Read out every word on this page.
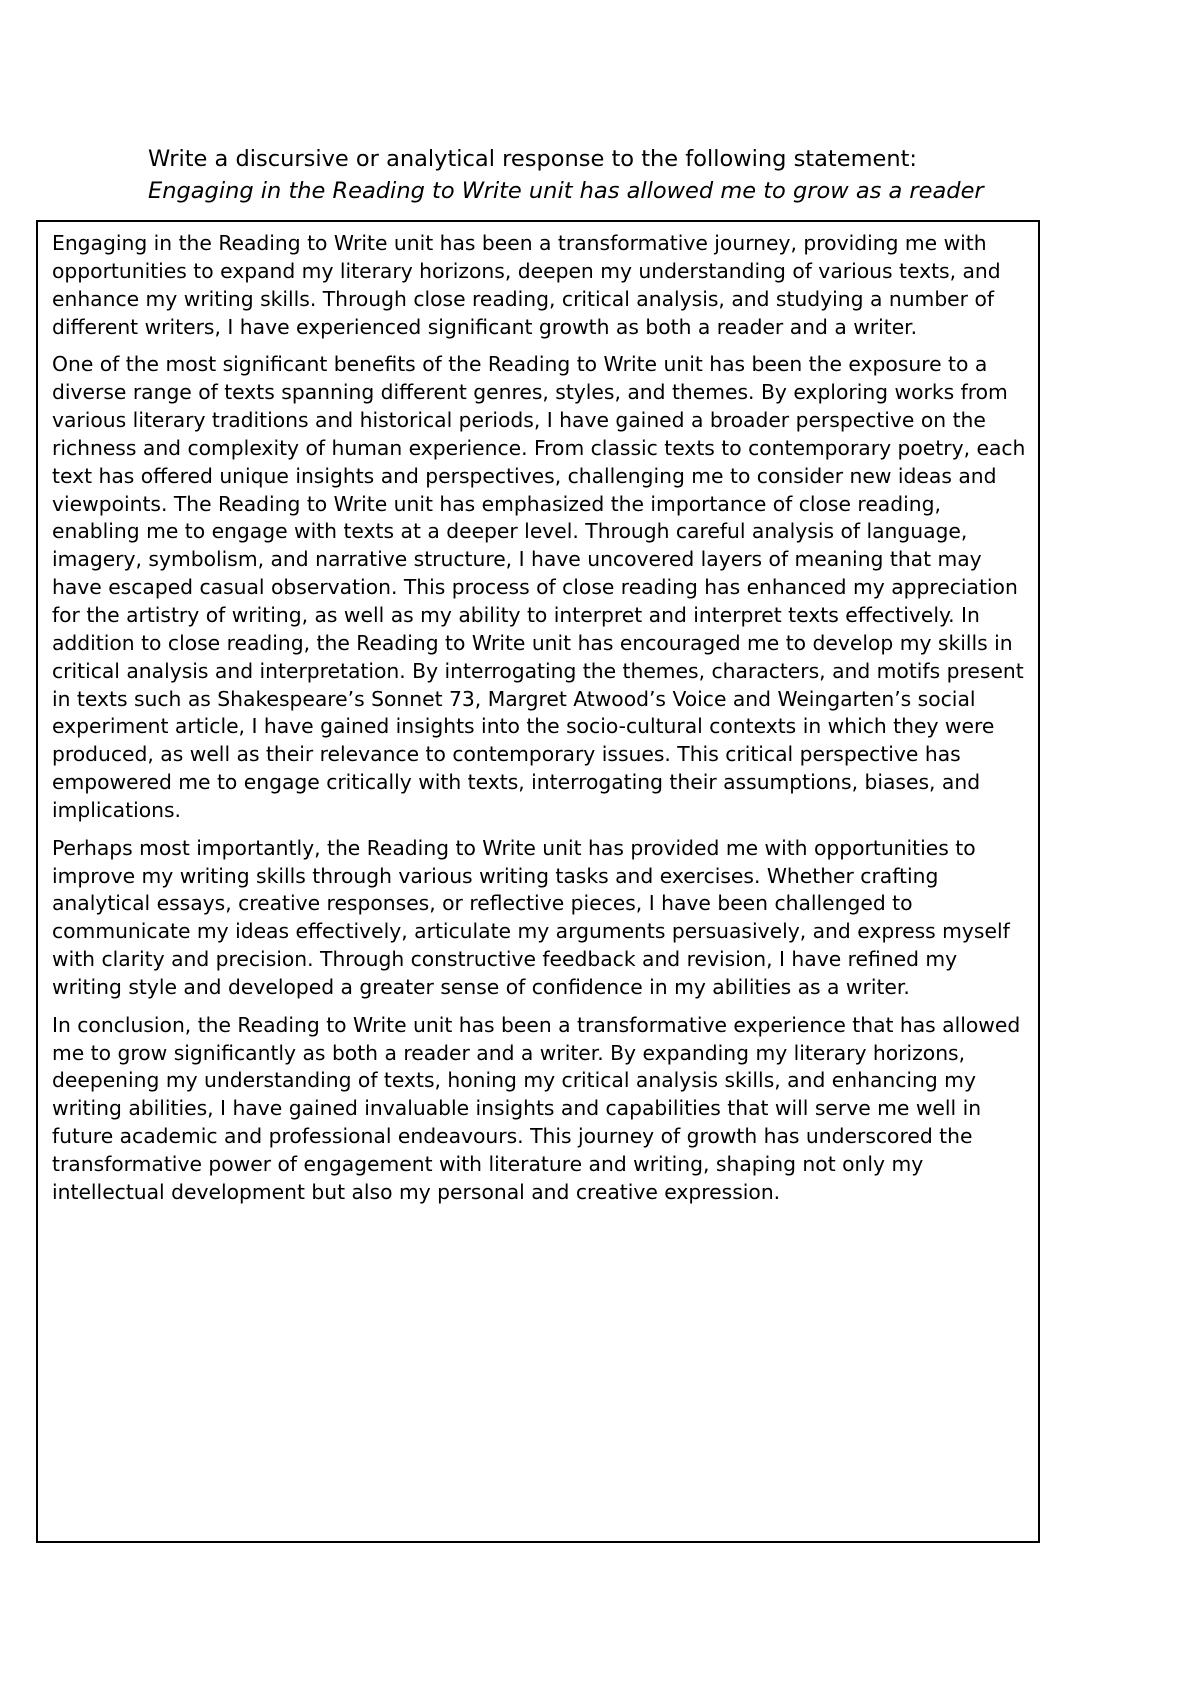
Write a discursive or analytical response to the following statement:
Engaging in the Reading to Write unit has allowed me to grow as a reader

Engaging in the Reading to Write unit has been a transformative journey, providing me with opportunities to expand my literary horizons, deepen my understanding of various texts, and enhance my writing skills. Through close reading, critical analysis, and studying a number of different writers, I have experienced significant growth as both a reader and a writer.

One of the most significant benefits of the Reading to Write unit has been the exposure to a diverse range of texts spanning different genres, styles, and themes. By exploring works from various literary traditions and historical periods, I have gained a broader perspective on the richness and complexity of human experience. From classic texts to contemporary poetry, each text has offered unique insights and perspectives, challenging me to consider new ideas and viewpoints. The Reading to Write unit has emphasized the importance of close reading, enabling me to engage with texts at a deeper level. Through careful analysis of language, imagery, symbolism, and narrative structure, I have uncovered layers of meaning that may have escaped casual observation. This process of close reading has enhanced my appreciation for the artistry of writing, as well as my ability to interpret and interpret texts effectively. In addition to close reading, the Reading to Write unit has encouraged me to develop my skills in critical analysis and interpretation. By interrogating the themes, characters, and motifs present in texts such as Shakespeare’s Sonnet 73, Margret Atwood’s Voice and Weingarten’s social experiment article, I have gained insights into the socio-cultural contexts in which they were produced, as well as their relevance to contemporary issues. This critical perspective has empowered me to engage critically with texts, interrogating their assumptions, biases, and implications.

Perhaps most importantly, the Reading to Write unit has provided me with opportunities to improve my writing skills through various writing tasks and exercises. Whether crafting analytical essays, creative responses, or reflective pieces, I have been challenged to communicate my ideas effectively, articulate my arguments persuasively, and express myself with clarity and precision. Through constructive feedback and revision, I have refined my writing style and developed a greater sense of confidence in my abilities as a writer.

In conclusion, the Reading to Write unit has been a transformative experience that has allowed me to grow significantly as both a reader and a writer. By expanding my literary horizons, deepening my understanding of texts, honing my critical analysis skills, and enhancing my writing abilities, I have gained invaluable insights and capabilities that will serve me well in future academic and professional endeavours. This journey of growth has underscored the transformative power of engagement with literature and writing, shaping not only my intellectual development but also my personal and creative expression.
